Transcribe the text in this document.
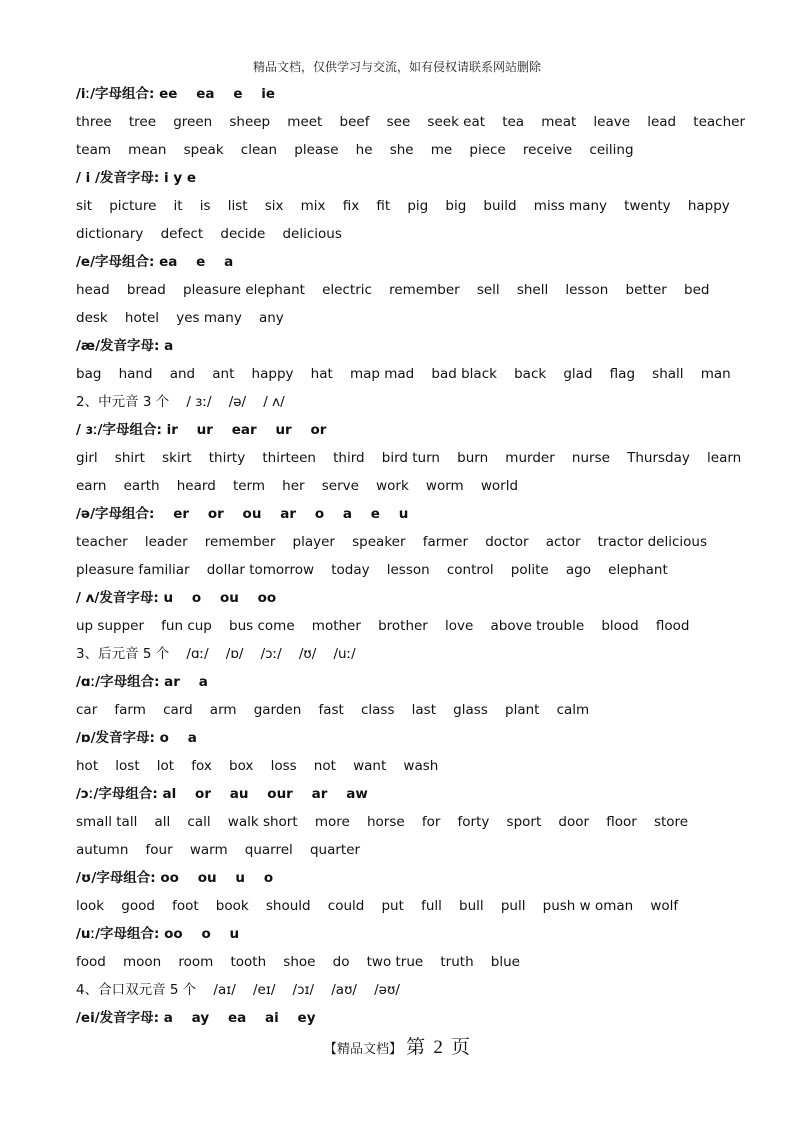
精品文档，仅供学习与交流，如有侵权请联系网站删除
/iː/字母组合: ee    ea    e    ie
three    tree    green    sheep    meet    beef    see    seek eat    tea    meat    leave    lead    teacher
team    mean    speak    clean    please    he    she    me    piece    receive    ceiling
/ i /发音字母: i y e
sit    picture    it    is    list    six    mix    fix    fit    pig    big    build    miss many    twenty    happy
dictionary    defect    decide    delicious
/e/字母组合: ea    e    a
head    bread    pleasure elephant    electric    remember    sell    shell    lesson    better    bed
desk    hotel    yes many    any
/æ/发音字母: a
bag    hand    and    ant    happy    hat    map mad    bad black    back    glad    flag    shall    man
2、中元音 3 个    / ɜː/    /ə/    / ʌ/
/ ɜː/字母组合: ir    ur    ear    ur    or
girl    shirt    skirt    thirty    thirteen    third    bird turn    burn    murder    nurse    Thursday    learn
earn    earth    heard    term    her    serve    work    worm    world
/ə/字母组合:    er    or    ou    ar    o    a    e    u
teacher    leader    remember    player    speaker    farmer    doctor    actor    tractor delicious
pleasure familiar    dollar tomorrow    today    lesson    control    polite    ago    elephant
/ ʌ/发音字母: u    o    ou    oo
up supper    fun cup    bus come    mother    brother    love    above trouble    blood    flood
3、后元音 5 个    /ɑː/    /ɒ/    /ɔː/    /ʊ/    /uː/
/ɑː/字母组合: ar    a
car    farm    card    arm    garden    fast    class    last    glass    plant    calm
/ɒ/发音字母: o    a
hot    lost    lot    fox    box    loss    not    want    wash
/ɔː/字母组合: al    or    au    our    ar    aw
small tall    all    call    walk short    more    horse    for    forty    sport    door    floor    store
autumn    four    warm    quarrel    quarter
/ʊ/字母组合: oo    ou    u    o
look    good    foot    book    should    could    put    full    bull    pull    push w oman    wolf
/uː/字母组合: oo    o    u
food    moon    room    tooth    shoe    do    two true    truth    blue
4、合口双元音 5 个    /aɪ/    /eɪ/    /ɔɪ/    /aʊ/    /əʊ/
/ei/发音字母: a    ay    ea    ai    ey
【精品文档】 第 2 页
